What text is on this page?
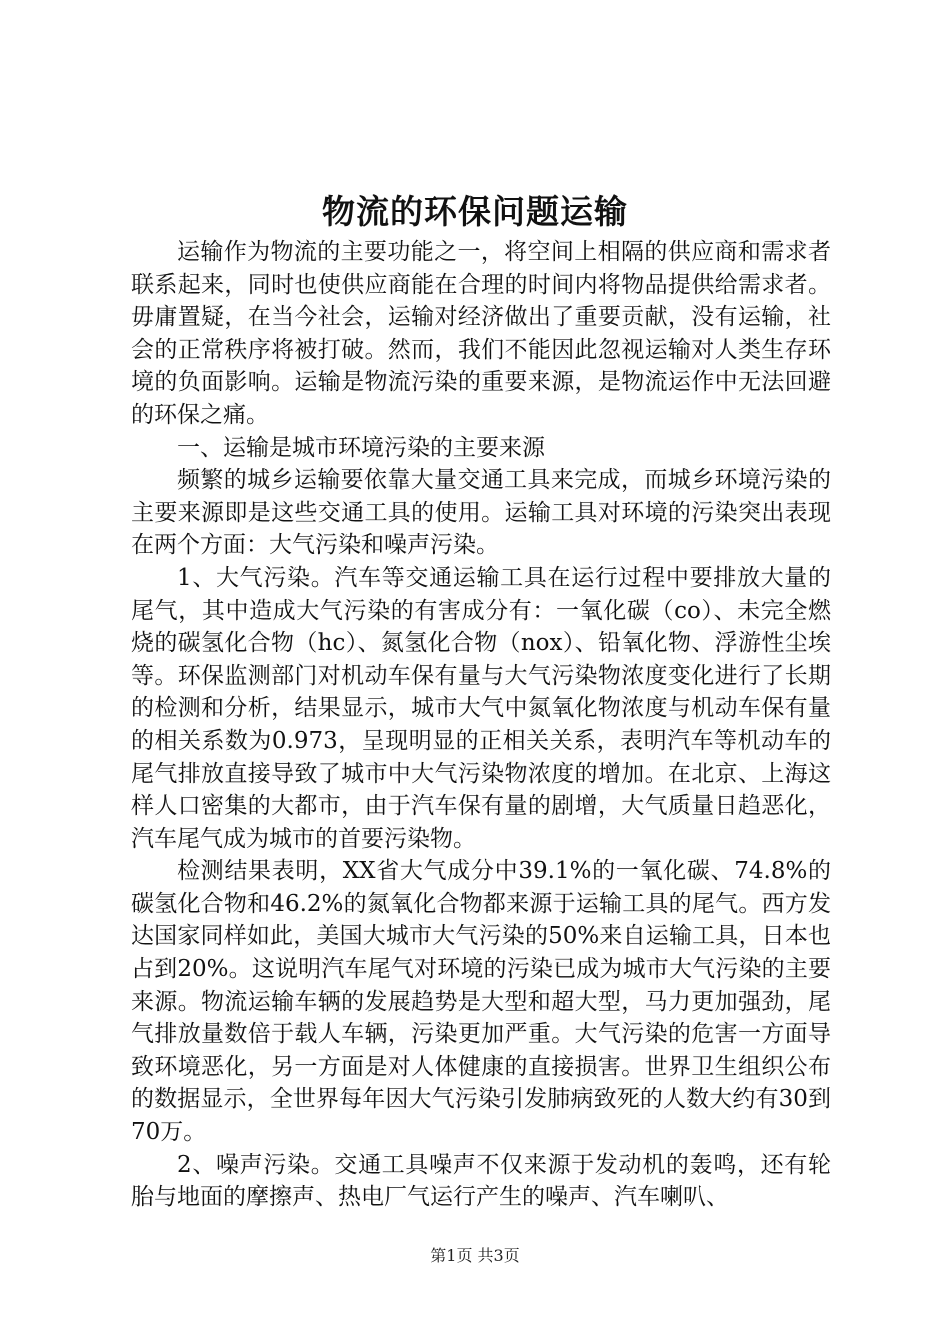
物流的环保问题运输

运输作为物流的主要功能之一，将空间上相隔的供应商和需求者联系起来，同时也使供应商能在合理的时间内将物品提供给需求者。毋庸置疑，在当今社会，运输对经济做出了重要贡献，没有运输，社会的正常秩序将被打破。然而，我们不能因此忽视运输对人类生存环境的负面影响。运输是物流污染的重要来源，是物流运作中无法回避的环保之痛。

一、运输是城市环境污染的主要来源

频繁的城乡运输要依靠大量交通工具来完成，而城乡环境污染的主要来源即是这些交通工具的使用。运输工具对环境的污染突出表现在两个方面：大气污染和噪声污染。

1、大气污染。汽车等交通运输工具在运行过程中要排放大量的尾气，其中造成大气污染的有害成分有：一氧化碳（co）、未完全燃烧的碳氢化合物（hc）、氮氢化合物（nox）、铅氧化物、浮游性尘埃等。环保监测部门对机动车保有量与大气污染物浓度变化进行了长期的检测和分析，结果显示，城市大气中氮氧化物浓度与机动车保有量的相关系数为0.973，呈现明显的正相关关系，表明汽车等机动车的尾气排放直接导致了城市中大气污染物浓度的增加。在北京、上海这样人口密集的大都市，由于汽车保有量的剧增，大气质量日趋恶化，汽车尾气成为城市的首要污染物。

检测结果表明，XX省大气成分中39.1%的一氧化碳、74.8%的碳氢化合物和46.2%的氮氧化合物都来源于运输工具的尾气。西方发达国家同样如此，美国大城市大气污染的50%来自运输工具，日本也占到20%。这说明汽车尾气对环境的污染已成为城市大气污染的主要来源。物流运输车辆的发展趋势是大型和超大型，马力更加强劲，尾气排放量数倍于载人车辆，污染更加严重。大气污染的危害一方面导致环境恶化，另一方面是对人体健康的直接损害。世界卫生组织公布的数据显示，全世界每年因大气污染引发肺病致死的人数大约有30到70万。

2、噪声污染。交通工具噪声不仅来源于发动机的轰鸣，还有轮胎与地面的摩擦声、热电厂气运行产生的噪声、汽车喇叭、

第1页 共3页
